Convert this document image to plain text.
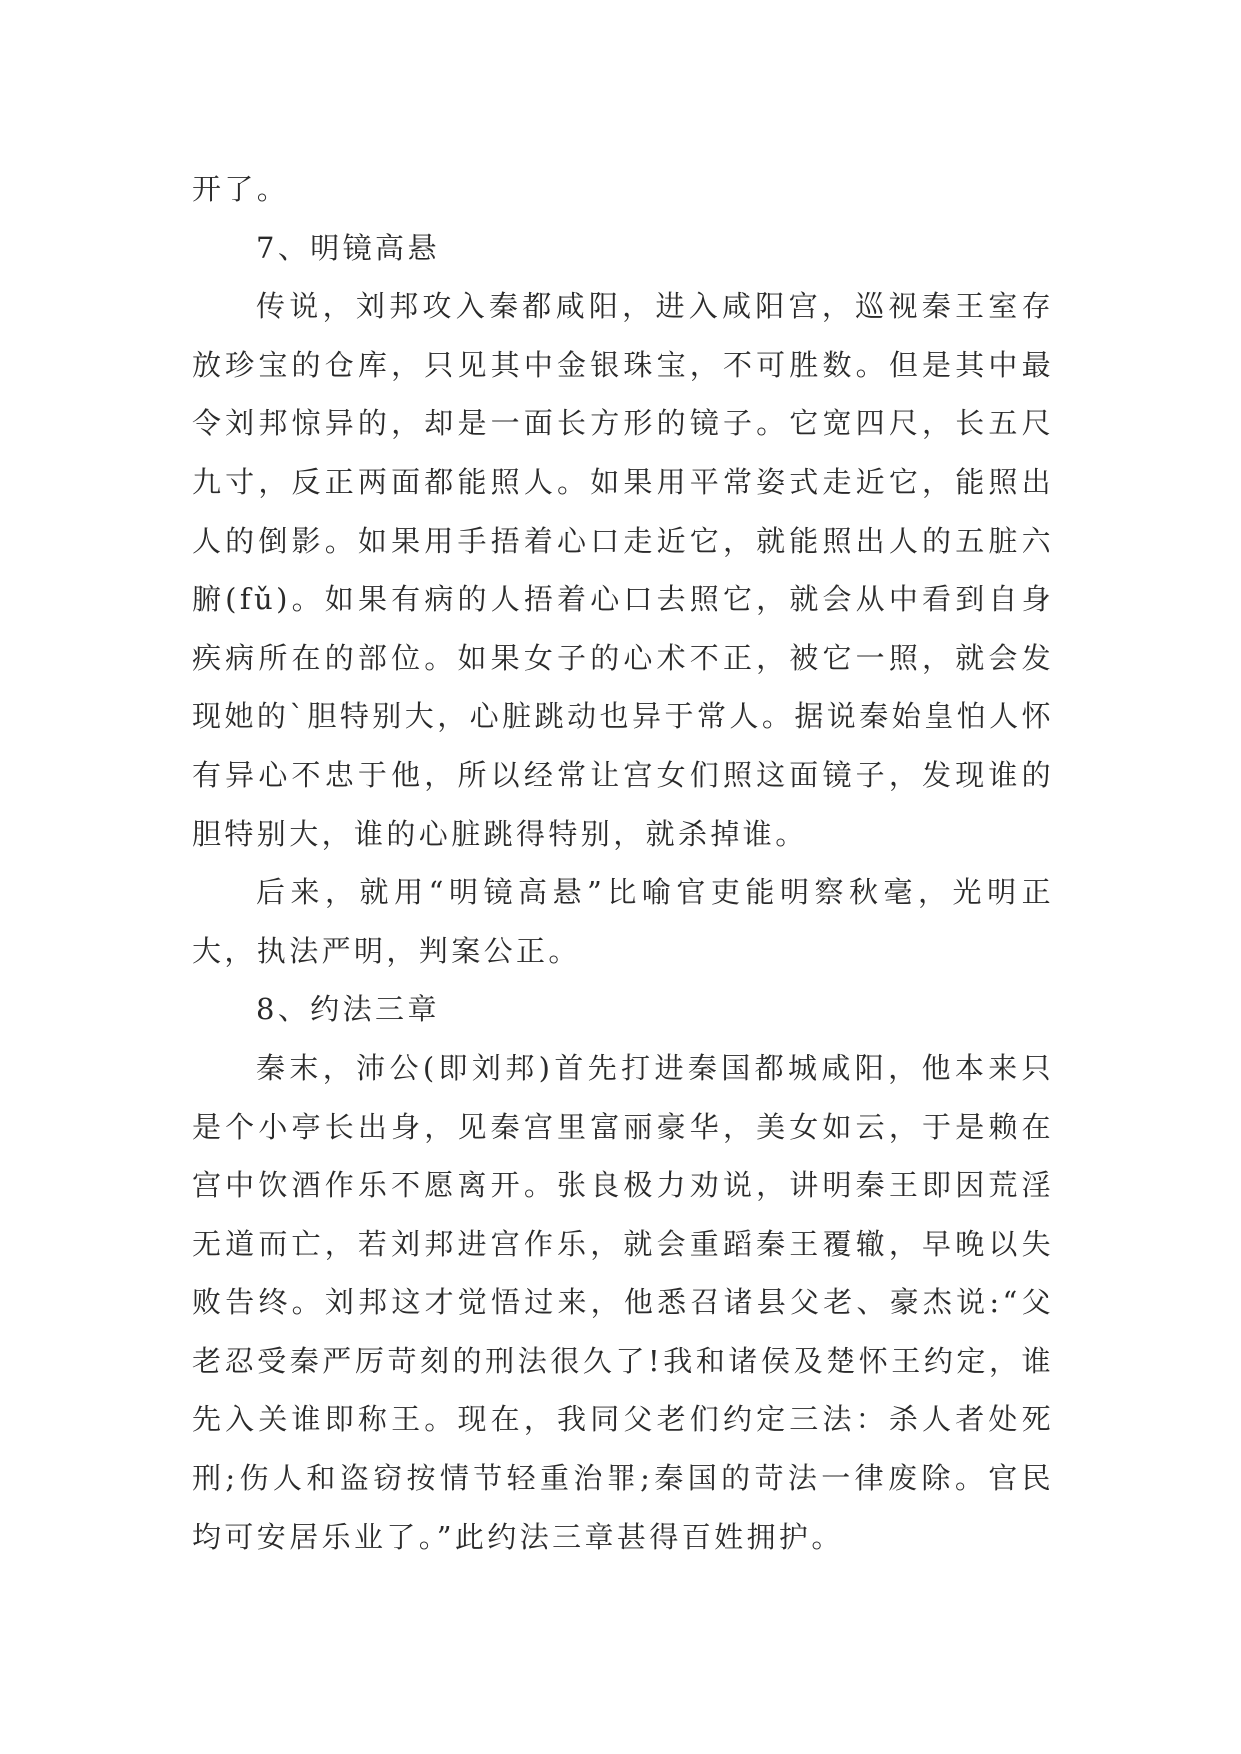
开了。

7、明镜高悬

传说，刘邦攻入秦都咸阳，进入咸阳宫，巡视秦王室存放珍宝的仓库，只见其中金银珠宝，不可胜数。但是其中最令刘邦惊异的，却是一面长方形的镜子。它宽四尺，长五尺九寸，反正两面都能照人。如果用平常姿式走近它，能照出人的倒影。如果用手捂着心口走近它，就能照出人的五脏六腑(fǔ)。如果有病的人捂着心口去照它，就会从中看到自身疾病所在的部位。如果女子的心术不正，被它一照，就会发现她的`胆特别大，心脏跳动也异于常人。据说秦始皇怕人怀有异心不忠于他，所以经常让宫女们照这面镜子，发现谁的胆特别大，谁的心脏跳得特别，就杀掉谁。

后来，就用“明镜高悬”比喻官吏能明察秋毫，光明正大，执法严明，判案公正。

8、约法三章

秦末，沛公(即刘邦)首先打进秦国都城咸阳，他本来只是个小亭长出身，见秦宫里富丽豪华，美女如云，于是赖在宫中饮酒作乐不愿离开。张良极力劝说，讲明秦王即因荒淫无道而亡，若刘邦进宫作乐，就会重蹈秦王覆辙，早晚以失败告终。刘邦这才觉悟过来，他悉召诸县父老、豪杰说:“父老忍受秦严厉苛刻的刑法很久了!我和诸侯及楚怀王约定，谁先入关谁即称王。现在，我同父老们约定三法：杀人者处死刑;伤人和盗窃按情节轻重治罪;秦国的苛法一律废除。官民均可安居乐业了。”此约法三章甚得百姓拥护。
